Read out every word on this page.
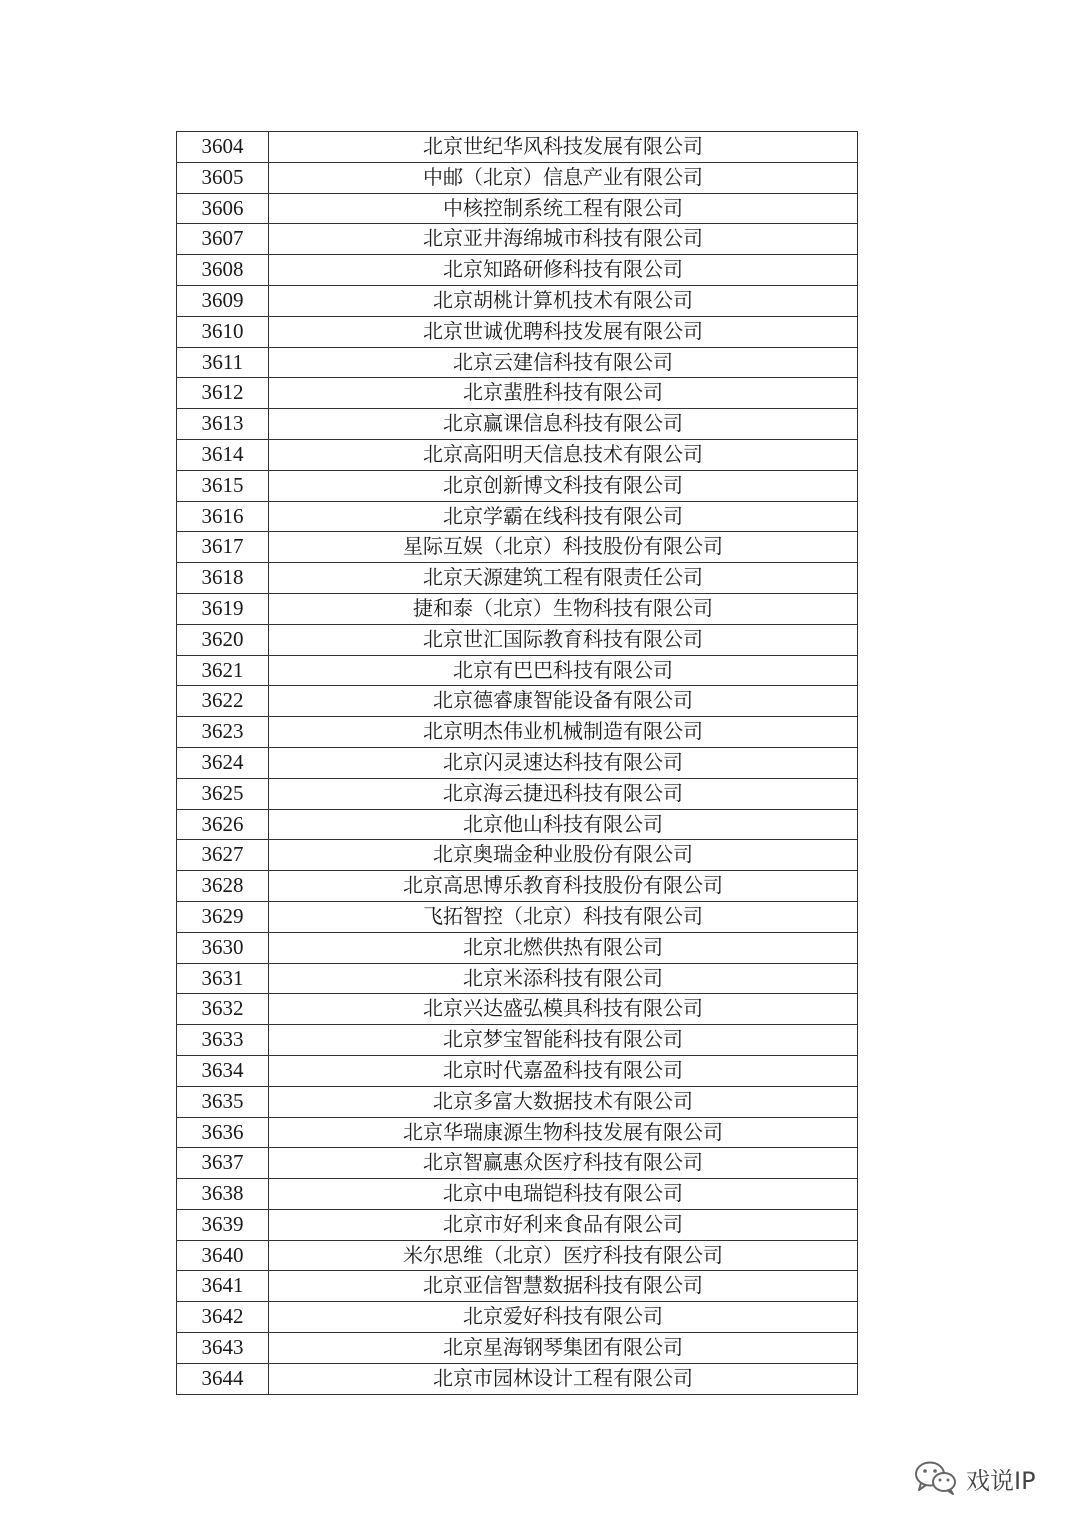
3604	北京世纪华风科技发展有限公司
3605	中邮（北京）信息产业有限公司
3606	中核控制系统工程有限公司
3607	北京亚井海绵城市科技有限公司
3608	北京知路研修科技有限公司
3609	北京胡桃计算机技术有限公司
3610	北京世诚优聘科技发展有限公司
3611	北京云建信科技有限公司
3612	北京蜚胜科技有限公司
3613	北京赢课信息科技有限公司
3614	北京高阳明天信息技术有限公司
3615	北京创新博文科技有限公司
3616	北京学霸在线科技有限公司
3617	星际互娱（北京）科技股份有限公司
3618	北京天源建筑工程有限责任公司
3619	捷和泰（北京）生物科技有限公司
3620	北京世汇国际教育科技有限公司
3621	北京有巴巴科技有限公司
3622	北京德睿康智能设备有限公司
3623	北京明杰伟业机械制造有限公司
3624	北京闪灵速达科技有限公司
3625	北京海云捷迅科技有限公司
3626	北京他山科技有限公司
3627	北京奥瑞金种业股份有限公司
3628	北京高思博乐教育科技股份有限公司
3629	飞拓智控（北京）科技有限公司
3630	北京北燃供热有限公司
3631	北京米添科技有限公司
3632	北京兴达盛弘模具科技有限公司
3633	北京梦宝智能科技有限公司
3634	北京时代嘉盈科技有限公司
3635	北京多富大数据技术有限公司
3636	北京华瑞康源生物科技发展有限公司
3637	北京智赢惠众医疗科技有限公司
3638	北京中电瑞铠科技有限公司
3639	北京市好利来食品有限公司
3640	米尔思维（北京）医疗科技有限公司
3641	北京亚信智慧数据科技有限公司
3642	北京爱好科技有限公司
3643	北京星海钢琴集团有限公司
3644	北京市园林设计工程有限公司
戏说IP
